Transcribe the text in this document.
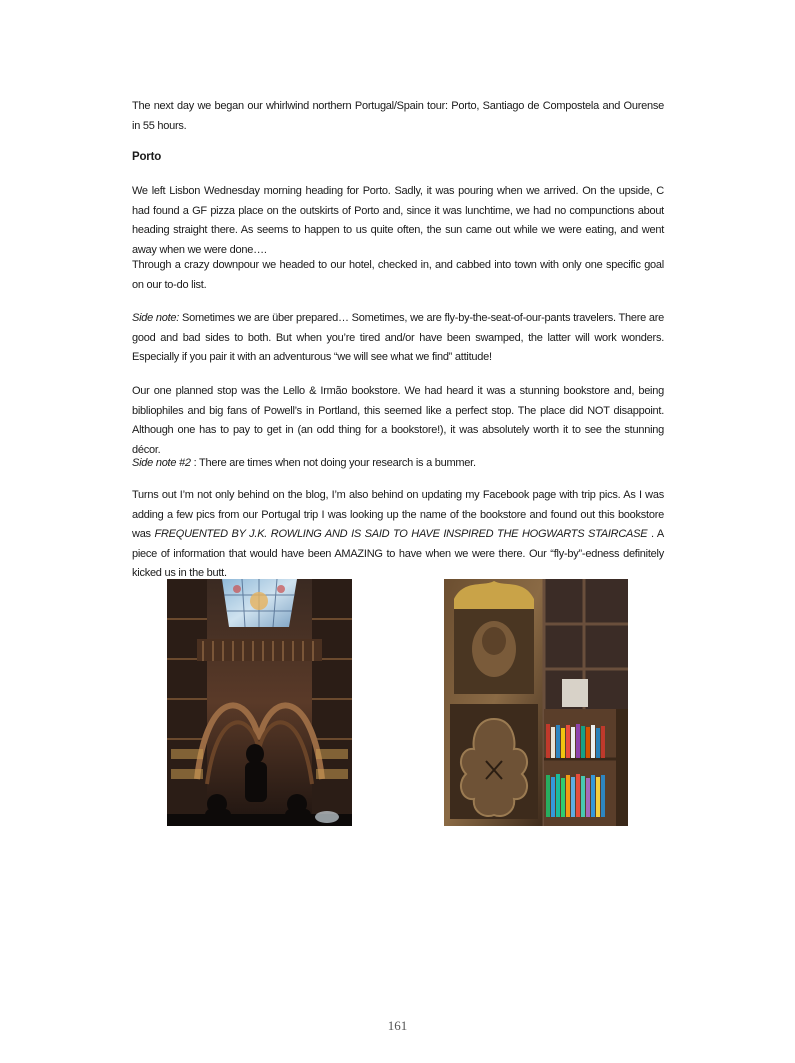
The next day we began our whirlwind northern Portugal/Spain tour: Porto, Santiago de Compostela and Ourense in 55 hours.

Porto

We left Lisbon Wednesday morning heading for Porto. Sadly, it was pouring when we arrived. On the upside, C had found a GF pizza place on the outskirts of Porto and, since it was lunchtime, we had no compunctions about heading straight there. As seems to happen to us quite often, the sun came out while we were eating, and went away when we were done….

Through a crazy downpour we headed to our hotel, checked in, and cabbed into town with only one specific goal on our to-do list.

Side note: Sometimes we are über prepared… Sometimes, we are fly-by-the-seat-of-our-pants travelers. There are good and bad sides to both. But when you’re tired and/or have been swamped, the latter will work wonders. Especially if you pair it with an adventurous “we will see what we find” attitude!

Our one planned stop was the Lello & Irmão bookstore. We had heard it was a stunning bookstore and, being bibliophiles and big fans of Powell’s in Portland, this seemed like a perfect stop. The place did NOT disappoint. Although one has to pay to get in (an odd thing for a bookstore!), it was absolutely worth it to see the stunning décor.

Side note #2 : There are times when not doing your research is a bummer.

Turns out I’m not only behind on the blog, I’m also behind on updating my Facebook page with trip pics. As I was adding a few pics from our Portugal trip I was looking up the name of the bookstore and found out this bookstore was FREQUENTED BY J.K. ROWLING AND IS SAID TO HAVE INSPIRED THE HOGWARTS STAIRCASE . A piece of information that would have been AMAZING to have when we were there. Our “fly-by”-edness definitely kicked us in the butt.

161
